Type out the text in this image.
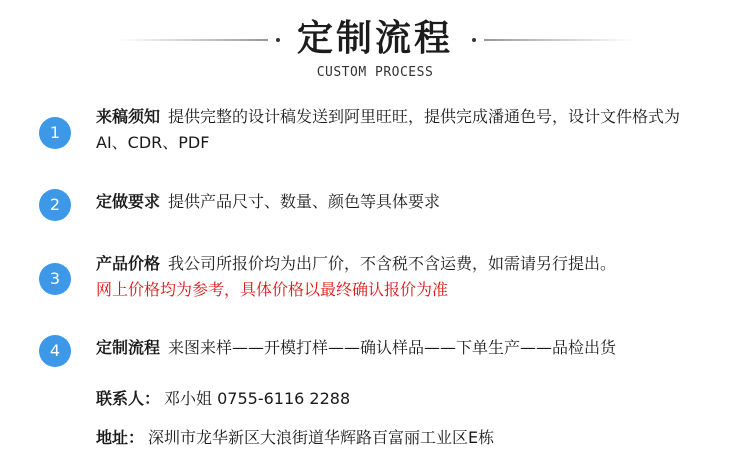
定制流程
CUSTOM PROCESS
1
来稿须知 提供完整的设计稿发送到阿里旺旺，提供完成潘通色号，设计文件格式为AI、CDR、PDF
2	定做要求 提供产品尺寸、数量、颜色等具体要求
3
产品价格 我公司所报价均为出厂价，不含税不含运费，如需请另行提出。
网上价格均为参考，具体价格以最终确认报价为准
4	定制流程 来图来样——开模打样——确认样品——下单生产——品检出货
联系人： 邓小姐 0755-6116 2288
地址： 深圳市龙华新区大浪街道华辉路百富丽工业区E栋
